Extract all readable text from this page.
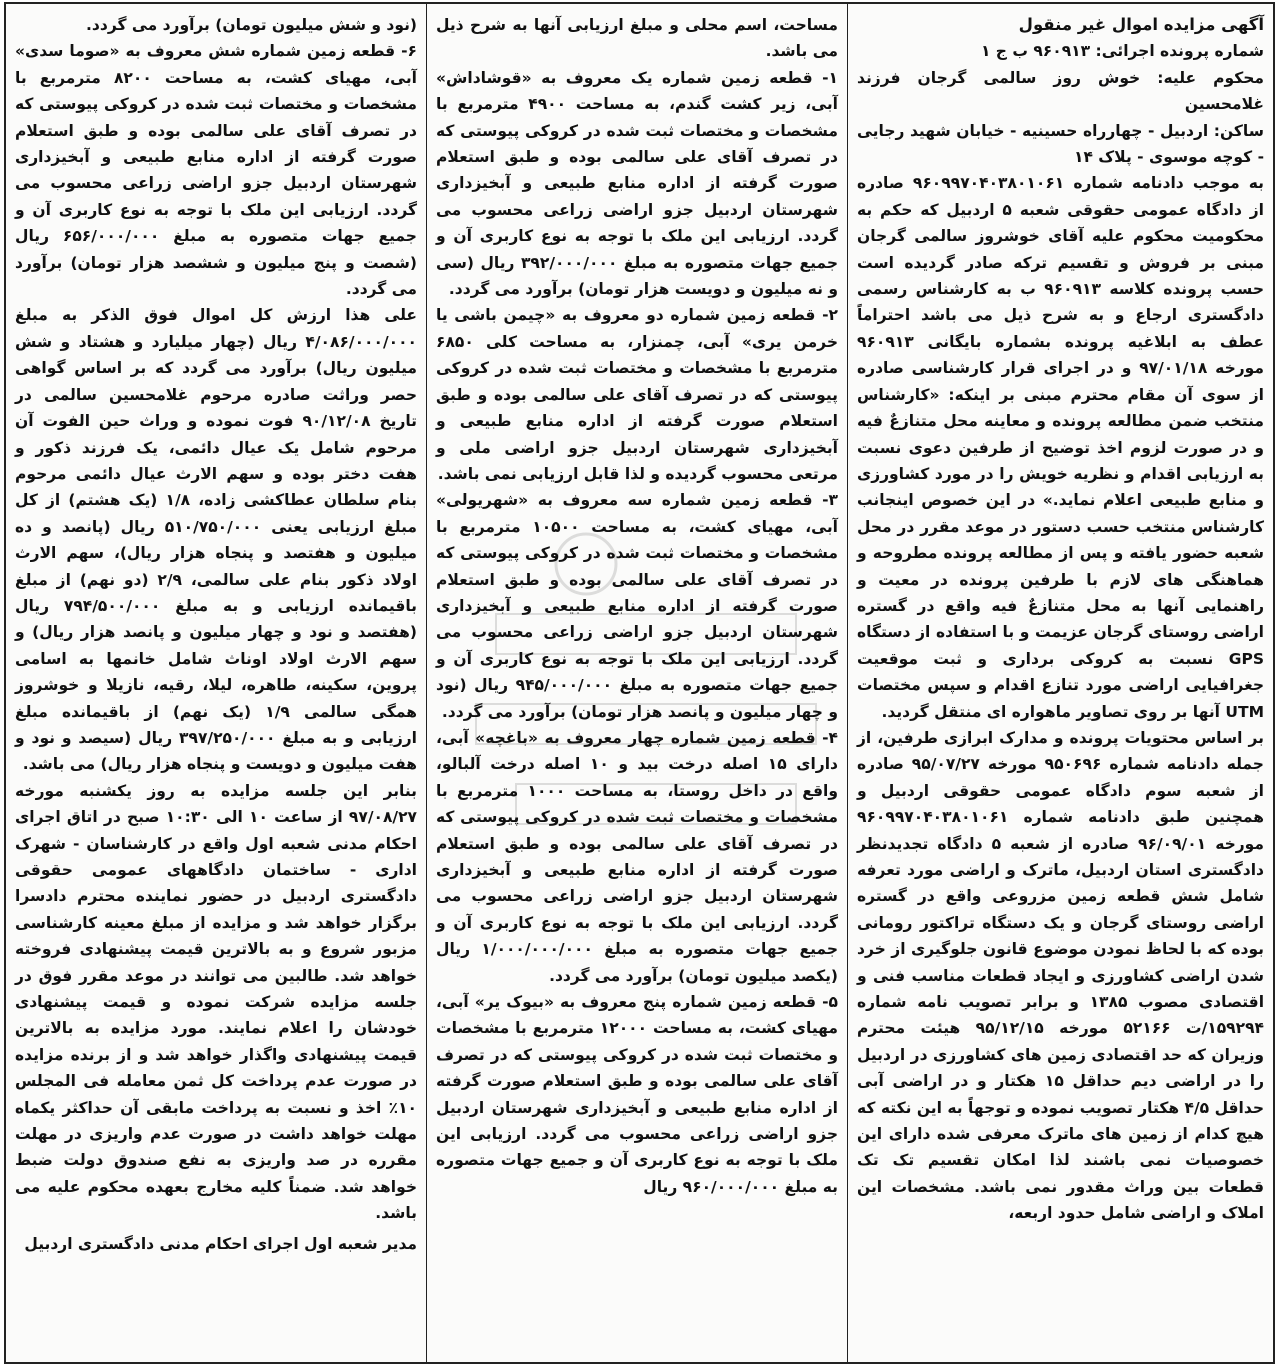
آگهی مزایده اموال غیر منقول

شماره پرونده اجرائی: ۹۶۰۹۱۳ ب ج ۱

محکوم علیه: خوش روز سالمی گرجان فرزند غلامحسین

ساکن: اردبیل - چهارراه حسینیه - خیابان شهید رجایی - کوچه موسوی - پلاک ۱۴

به موجب دادنامه شماره ۹۶۰۹۹۷۰۴۰۳۸۰۱۰۶۱ صادره از دادگاه عمومی حقوقی شعبه ۵ اردبیل که حکم به محکومیت محکوم علیه آقای خوشروز سالمی گرجان مبنی بر فروش و تقسیم ترکه صادر گردیده است حسب پرونده کلاسه ۹۶۰۹۱۳ ب به کارشناس رسمی دادگستری ارجاع و به شرح ذیل می باشد احتراماً عطف به ابلاغیه پرونده بشماره بایگانی ۹۶۰۹۱۳ مورخه ۹۷/۰۱/۱۸ و در اجرای قرار کارشناسی صادره از سوی آن مقام محترم مبنی بر اینکه: «کارشناس منتخب ضمن مطالعه پرونده و معاینه محل متنازعٌ فیه و در صورت لزوم اخذ توضیح از طرفین دعوی نسبت به ارزیابی اقدام و نظریه خویش را در مورد کشاورزی و منابع طبیعی اعلام نماید.» در این خصوص اینجانب کارشناس منتخب حسب دستور در موعد مقرر در محل شعبه حضور یافته و پس از مطالعه پرونده مطروحه و هماهنگی های لازم با طرفین پرونده در معیت و راهنمایی آنها به محل متنازعٌ فیه واقع در گستره اراضی روستای گرجان عزیمت و با استفاده از دستگاه GPS نسبت به کروکی برداری و ثبت موقعیت جغرافیایی اراضی مورد تنازع اقدام و سپس مختصات UTM آنها بر روی تصاویر ماهواره ای منتقل گردید.

بر اساس محتویات پرونده و مدارک ابرازی طرفین، از جمله دادنامه شماره ۹۵۰۶۹۶ مورخه ۹۵/۰۷/۲۷ صادره از شعبه سوم دادگاه عمومی حقوقی اردبیل و همچنین طبق دادنامه شماره ۹۶۰۹۹۷۰۴۰۳۸۰۱۰۶۱ مورخه ۹۶/۰۹/۰۱ صادره از شعبه ۵ دادگاه تجدیدنظر دادگستری استان اردبیل، ماترک و اراضی مورد تعرفه شامل شش قطعه زمین مزروعی واقع در گستره اراضی روستای گرجان و یک دستگاه تراکتور رومانی بوده که با لحاظ نمودن موضوع قانون جلوگیری از خرد شدن اراضی کشاورزی و ایجاد قطعات مناسب فنی و اقتصادی مصوب ۱۳۸۵ و برابر تصویب نامه شماره ۱۵۹۲۹۴/ت ۵۲۱۶۶ مورخه ۹۵/۱۲/۱۵ هیئت محترم وزیران که حد اقتصادی زمین های کشاورزی در اردبیل را در اراضی دیم حداقل ۱۵ هکتار و در اراضی آبی حداقل ۴/۵ هکتار تصویب نموده و توجهاً به این نکته که هیچ کدام از زمین های ماترک معرفی شده دارای این خصوصیات نمی باشند لذا امکان تقسیم تک تک قطعات بین وراث مقدور نمی باشد. مشخصات این املاک و اراضی شامل حدود اربعه،

مساحت، اسم محلی و مبلغ ارزیابی آنها به شرح ذیل می باشد.

۱- قطعه زمین شماره یک معروف به «قوشاداش» آبی، زیر کشت گندم، به مساحت ۴۹۰۰ مترمربع با مشخصات و مختصات ثبت شده در کروکی پیوستی که در تصرف آقای علی سالمی بوده و طبق استعلام صورت گرفته از اداره منابع طبیعی و آبخیزداری شهرستان اردبیل جزو اراضی زراعی محسوب می گردد. ارزیابی این ملک با توجه به نوع کاربری آن و جمیع جهات متصوره به مبلغ ۳۹۲/۰۰۰/۰۰۰ ریال (سی و نه میلیون و دویست هزار تومان) برآورد می گردد.

۲- قطعه زمین شماره دو معروف به «چیمن باشی یا خرمن یری» آبی، چمنزار، به مساحت کلی ۶۸۵۰ مترمربع با مشخصات و مختصات ثبت شده در کروکی پیوستی که در تصرف آقای علی سالمی بوده و طبق استعلام صورت گرفته از اداره منابع طبیعی و آبخیزداری شهرستان اردبیل جزو اراضی ملی و مرتعی محسوب گردیده و لذا قابل ارزیابی نمی باشد.

۳- قطعه زمین شماره سه معروف به «شهریولی» آبی، مهیای کشت، به مساحت ۱۰۵۰۰ مترمربع با مشخصات و مختصات ثبت شده در کروکی پیوستی که در تصرف آقای علی سالمی بوده و طبق استعلام صورت گرفته از اداره منابع طبیعی و آبخیزداری شهرستان اردبیل جزو اراضی زراعی محسوب می گردد. ارزیابی این ملک با توجه به نوع کاربری آن و جمیع جهات متصوره به مبلغ ۹۴۵/۰۰۰/۰۰۰ ریال (نود و چهار میلیون و پانصد هزار تومان) برآورد می گردد.

۴- قطعه زمین شماره چهار معروف به «باغچه» آبی، دارای ۱۵ اصله درخت بید و ۱۰ اصله درخت آلبالو، واقع در داخل روستا، به مساحت ۱۰۰۰ مترمربع با مشخصات و مختصات ثبت شده در کروکی پیوستی که در تصرف آقای علی سالمی بوده و طبق استعلام صورت گرفته از اداره منابع طبیعی و آبخیزداری شهرستان اردبیل جزو اراضی زراعی محسوب می گردد. ارزیابی این ملک با توجه به نوع کاربری آن و جمیع جهات متصوره به مبلغ ۱/۰۰۰/۰۰۰/۰۰۰ ریال (یکصد میلیون تومان) برآورد می گردد.

۵- قطعه زمین شماره پنج معروف به «بیوک یر» آبی، مهیای کشت، به مساحت ۱۲۰۰۰ مترمربع با مشخصات و مختصات ثبت شده در کروکی پیوستی که در تصرف آقای علی سالمی بوده و طبق استعلام صورت گرفته از اداره منابع طبیعی و آبخیزداری شهرستان اردبیل جزو اراضی زراعی محسوب می گردد. ارزیابی این ملک با توجه به نوع کاربری آن و جمیع جهات متصوره به مبلغ ۹۶۰/۰۰۰/۰۰۰ ریال

(نود و شش میلیون تومان) برآورد می گردد.

۶- قطعه زمین شماره شش معروف به «صوما سدی» آبی، مهیای کشت، به مساحت ۸۲۰۰ مترمربع با مشخصات و مختصات ثبت شده در کروکی پیوستی که در تصرف آقای علی سالمی بوده و طبق استعلام صورت گرفته از اداره منابع طبیعی و آبخیزداری شهرستان اردبیل جزو اراضی زراعی محسوب می گردد. ارزیابی این ملک با توجه به نوع کاربری آن و جمیع جهات متصوره به مبلغ ۶۵۶/۰۰۰/۰۰۰ ریال (شصت و پنج میلیون و ششصد هزار تومان) برآورد می گردد.

علی هذا ارزش کل اموال فوق الذکر به مبلغ ۴/۰۸۶/۰۰۰/۰۰۰ ریال (چهار میلیارد و هشتاد و شش میلیون ریال) برآورد می گردد که بر اساس گواهی حصر وراثت صادره مرحوم غلامحسین سالمی در تاریخ ۹۰/۱۲/۰۸ فوت نموده و وراث حین الفوت آن مرحوم شامل یک عیال دائمی، یک فرزند ذکور و هفت دختر بوده و سهم الارث عیال دائمی مرحوم بنام سلطان عطاکشی زاده، ۱/۸ (یک هشتم) از کل مبلغ ارزیابی یعنی ۵۱۰/۷۵۰/۰۰۰ ریال (پانصد و ده میلیون و هفتصد و پنجاه هزار ریال)، سهم الارث اولاد ذکور بنام علی سالمی، ۲/۹ (دو نهم) از مبلغ باقیمانده ارزیابی و به مبلغ ۷۹۴/۵۰۰/۰۰۰ ریال (هفتصد و نود و چهار میلیون و پانصد هزار ریال) و سهم الارث اولاد اوناث شامل خانمها به اسامی پروین، سکینه، طاهره، لیلا، رقیه، نازیلا و خوشروز همگی سالمی ۱/۹ (یک نهم) از باقیمانده مبلغ ارزیابی و به مبلغ ۳۹۷/۲۵۰/۰۰۰ ریال (سیصد و نود و هفت میلیون و دویست و پنجاه هزار ریال) می باشد.

بنابر این جلسه مزایده به روز یکشنبه مورخه ۹۷/۰۸/۲۷ از ساعت ۱۰ الی ۱۰:۳۰ صبح در اتاق اجرای احکام مدنی شعبه اول واقع در کارشناسان - شهرک اداری - ساختمان دادگاههای عمومی حقوقی دادگستری اردبیل در حضور نماینده محترم دادسرا برگزار خواهد شد و مزایده از مبلغ معینه کارشناسی مزبور شروع و به بالاترین قیمت پیشنهادی فروخته خواهد شد. طالبین می توانند در موعد مقرر فوق در جلسه مزایده شرکت نموده و قیمت پیشنهادی خودشان را اعلام نمایند. مورد مزایده به بالاترین قیمت پیشنهادی واگذار خواهد شد و از برنده مزایده در صورت عدم پرداخت کل ثمن معامله فی المجلس ۱۰٪ اخذ و نسبت به پرداخت مابقی آن حداکثر یکماه مهلت خواهد داشت در صورت عدم واریزی در مهلت مقرره در صد واریزی به نفع صندوق دولت ضبط خواهد شد. ضمناً کلیه مخارج بعهده محکوم علیه می باشد.

مدیر شعبه اول اجرای احکام مدنی دادگستری اردبیل
